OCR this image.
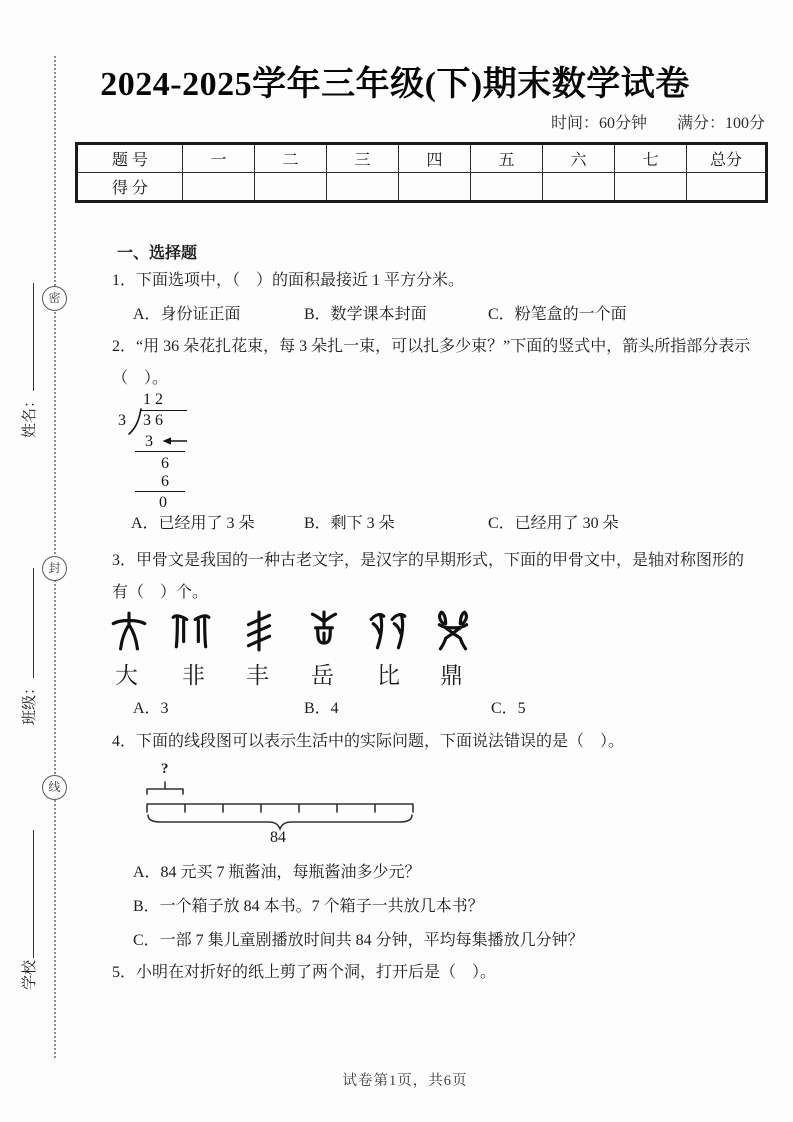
密
封
线
姓名：
班级：
学校
2024-2025学年三年级(下)期末数学试卷
时间：60分钟 满分：100分
题 号	一	二	三	四	五	六	七	总分
得 分								
一、选择题
1．下面选项中，（　）的面积最接近 1 平方分米。
A．身份证正面	B．数学课本封面	C．粉笔盒的一个面
2．“用 36 朵花扎花束，每 3 朵扎一束，可以扎多少束？”下面的竖式中，箭头所指部分表示
（　）。
1 2
3 3 6
3
6
6
0
A．已经用了 3 朵	B．剩下 3 朵	C．已经用了 30 朵
3．甲骨文是我国的一种古老文字，是汉字的早期形式，下面的甲骨文中，是轴对称图形的
有（　）个。
大 非 丰 岳 比 鼎
A．3	B．4	C．5
4．下面的线段图可以表示生活中的实际问题，下面说法错误的是（　）。
?
84
A．84 元买 7 瓶酱油，每瓶酱油多少元？
B．一个箱子放 84 本书。7 个箱子一共放几本书？
C．一部 7 集儿童剧播放时间共 84 分钟，平均每集播放几分钟？
5．小明在对折好的纸上剪了两个洞，打开后是（　）。
试卷第1页，共6页
